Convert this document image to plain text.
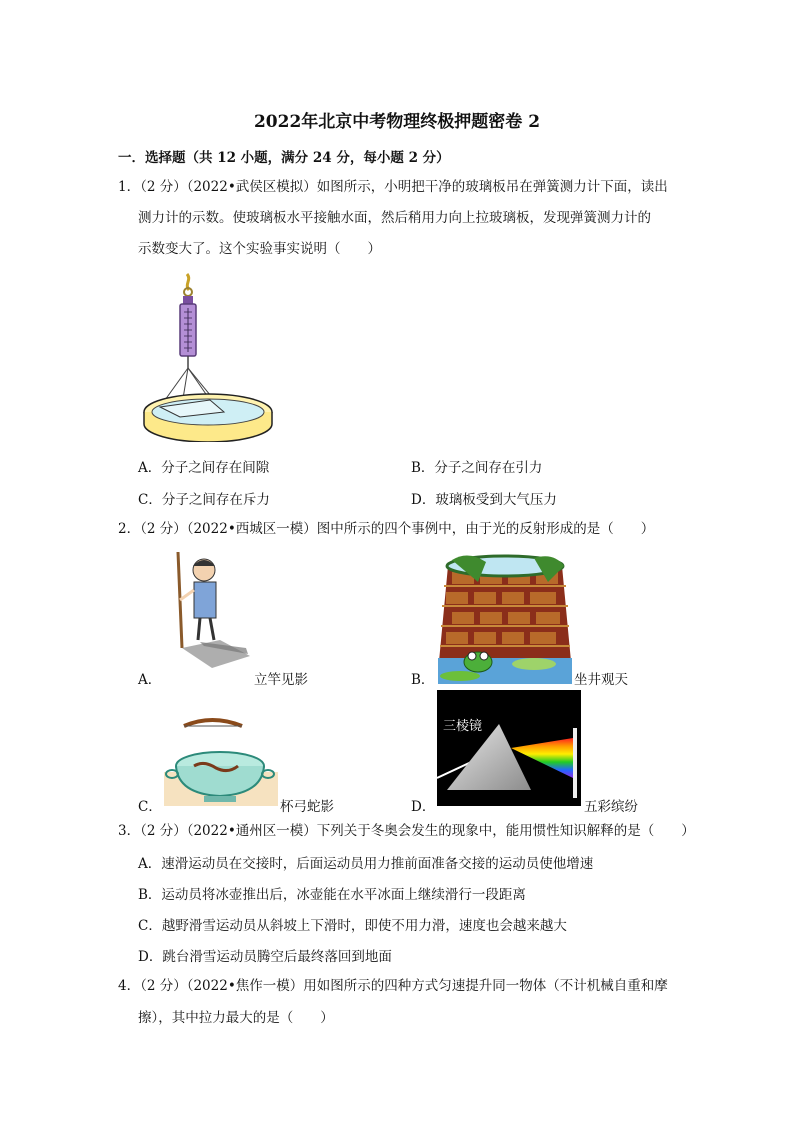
2022年北京中考物理终极押题密卷 2
一．选择题（共 12 小题，满分 24 分，每小题 2 分）
1．（2 分）（2022•武侯区模拟）如图所示，小明把干净的玻璃板吊在弹簧测力计下面，读出
测力计的示数。使玻璃板水平接触水面，然后稍用力向上拉玻璃板，发现弹簧测力计的
示数变大了。这个实验事实说明（　　）
A．分子之间存在间隙	B．分子之间存在引力
C．分子之间存在斥力	D．玻璃板受到大气压力
2．（2 分）（2022•西城区一模）图中所示的四个事例中，由于光的反射形成的是（　　）
A．	立竿见影	B．	坐井观天
C．	杯弓蛇影
三棱镜
D．	五彩缤纷
3．（2 分）（2022•通州区一模）下列关于冬奥会发生的现象中，能用惯性知识解释的是（　　）
A．速滑运动员在交接时，后面运动员用力推前面准备交接的运动员使他增速
B．运动员将冰壶推出后，冰壶能在水平冰面上继续滑行一段距离
C．越野滑雪运动员从斜坡上下滑时，即使不用力滑，速度也会越来越大
D．跳台滑雪运动员腾空后最终落回到地面
4．（2 分）（2022•焦作一模）用如图所示的四种方式匀速提升同一物体（不计机械自重和摩
擦），其中拉力最大的是（　　）
